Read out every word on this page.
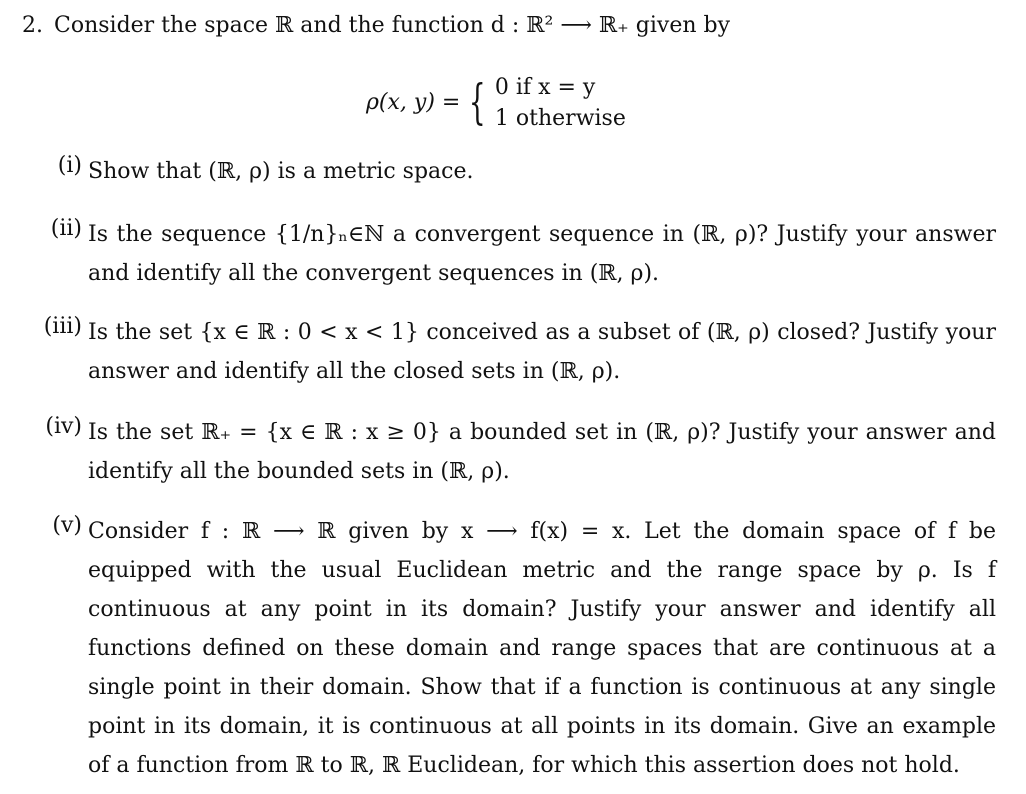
2. Consider the space ℝ and the function d : ℝ² ⟶ ℝ₊ given by
ρ(x, y) = { 0 if x = y
1 otherwise
(i) Show that (ℝ, ρ) is a metric space.
(ii) Is the sequence {1/n}ₙ∈ℕ a convergent sequence in (ℝ, ρ)? Justify your answer and identify all the convergent sequences in (ℝ, ρ).
(iii) Is the set {x ∈ ℝ : 0 < x < 1} conceived as a subset of (ℝ, ρ) closed? Justify your answer and identify all the closed sets in (ℝ, ρ).
(iv) Is the set ℝ₊ = {x ∈ ℝ : x ≥ 0} a bounded set in (ℝ, ρ)? Justify your answer and identify all the bounded sets in (ℝ, ρ).
(v) Consider f : ℝ ⟶ ℝ given by x ⟶ f(x) = x. Let the domain space of f be equipped with the usual Euclidean metric and the range space by ρ. Is f continuous at any point in its domain? Justify your answer and identify all functions defined on these domain and range spaces that are continuous at a single point in their domain. Show that if a function is continuous at any single point in its domain, it is continuous at all points in its domain. Give an example of a function from ℝ to ℝ, ℝ Euclidean, for which this assertion does not hold.
